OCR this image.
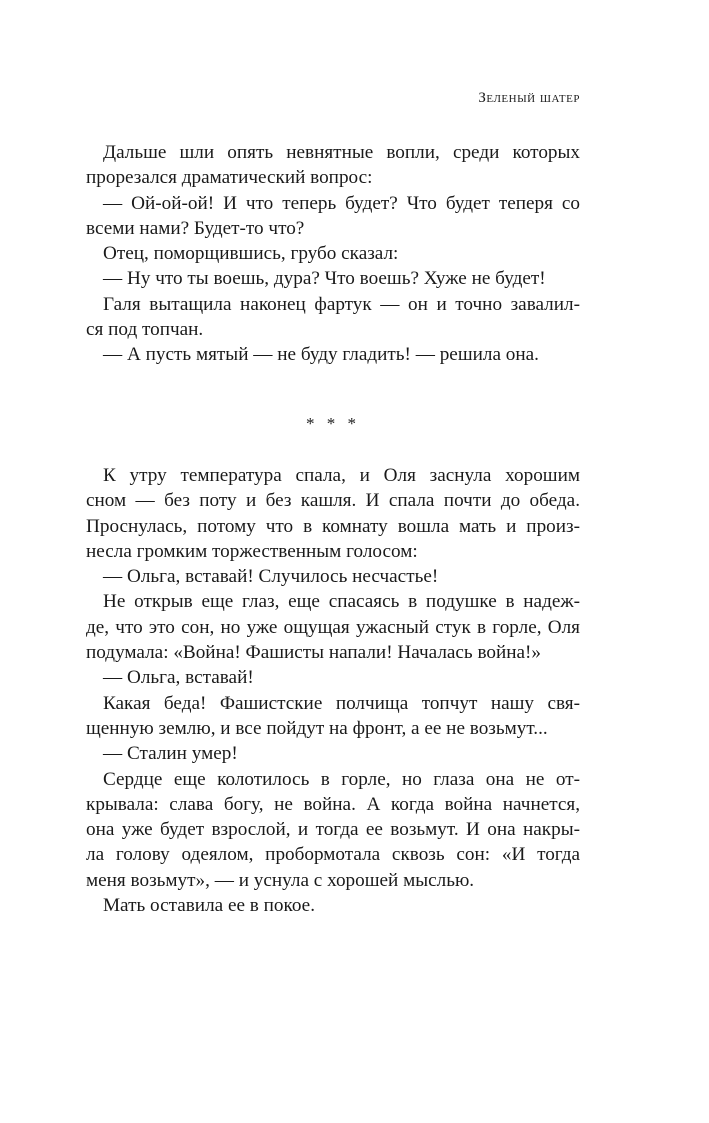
Зеленый шатер
Дальше шли опять невнятные вопли, среди которых
прорезался драматический вопрос:
— Ой-ой-ой! И что теперь будет? Что будет теперя со
всеми нами? Будет-то что?
Отец, поморщившись, грубо сказал:
— Ну что ты воешь, дура? Что воешь? Хуже не будет!
Галя вытащила наконец фартук — он и точно завалил-
ся под топчан.
— А пусть мятый — не буду гладить! — решила она.
* * *
К утру температура спала, и Оля заснула хорошим
сном — без поту и без кашля. И спала почти до обеда.
Проснулась, потому что в комнату вошла мать и произ-
несла громким торжественным голосом:
— Ольга, вставай! Случилось несчастье!
Не открыв еще глаз, еще спасаясь в подушке в надеж-
де, что это сон, но уже ощущая ужасный стук в горле, Оля
подумала: «Война! Фашисты напали! Началась война!»
— Ольга, вставай!
Какая беда! Фашистские полчища топчут нашу свя-
щенную землю, и все пойдут на фронт, а ее не возьмут...
— Сталин умер!
Сердце еще колотилось в горле, но глаза она не от-
крывала: слава богу, не война. А когда война начнется,
она уже будет взрослой, и тогда ее возьмут. И она накры-
ла голову одеялом, пробормотала сквозь сон: «И тогда
меня возьмут», — и уснула с хорошей мыслью.
Мать оставила ее в покое.
